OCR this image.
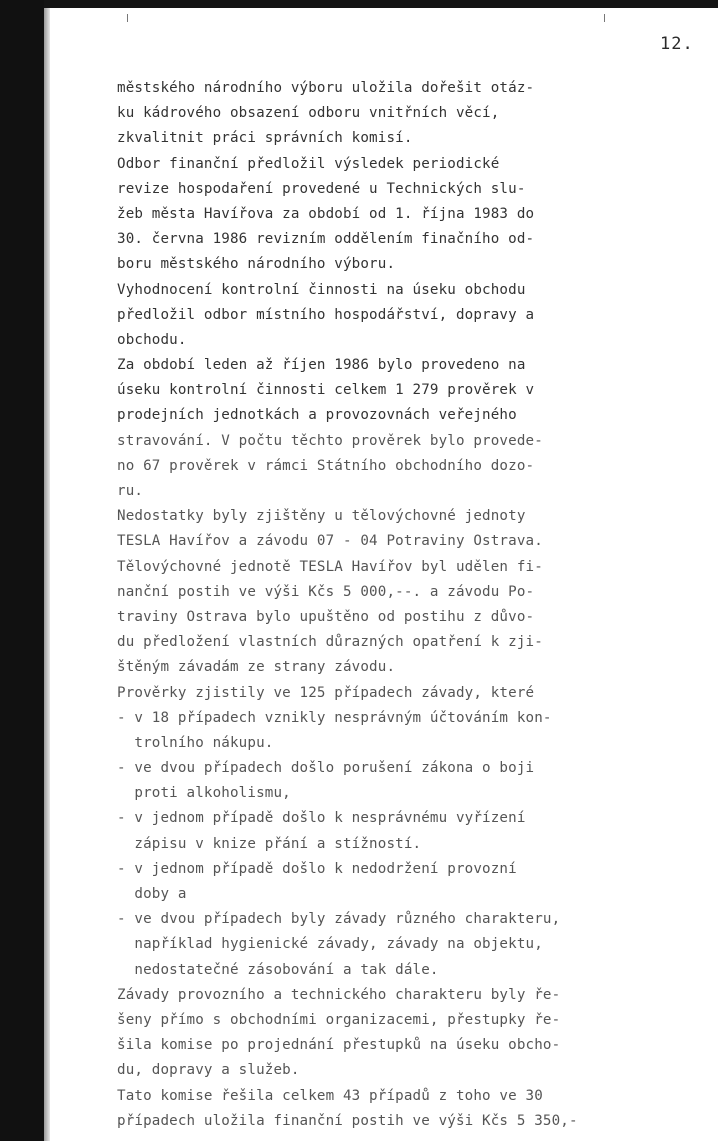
12.
městského národního výboru uložila dořešit otáz-
ku kádrového obsazení odboru vnitřních věcí,
zkvalitnit práci správních komisí.
Odbor finanční předložil výsledek periodické
revize hospodaření provedené u Technických slu-
žeb města Havířova za období od 1. října 1983 do
30. června 1986 revizním oddělením finačního od-
boru městského národního výboru.
Vyhodnocení kontrolní činnosti na úseku obchodu
předložil odbor místního hospodářství, dopravy a
obchodu.
Za období leden až říjen 1986 bylo provedeno na
úseku kontrolní činnosti celkem 1 279 prověrek v
prodejních jednotkách a provozovnách veřejného
stravování. V počtu těchto prověrek bylo provede-
no 67 prověrek v rámci Státního obchodního dozo-
ru.
Nedostatky byly zjištěny u tělovýchovné jednoty
TESLA Havířov a závodu 07 - 04 Potraviny Ostrava.
Tělovýchovné jednotě TESLA Havířov byl udělen fi-
nanční postih ve výši Kčs 5 000,--. a závodu Po-
traviny Ostrava bylo upuštěno od postihu z důvo-
du předložení vlastních důrazných opatření k zji-
štěným závadám ze strany závodu.
Prověrky zjistily ve 125 případech závady, které
- v 18 případech vznikly nesprávným účtováním kon-
trolního nákupu.
- ve dvou případech došlo porušení zákona o boji
proti alkoholismu,
- v jednom případě došlo k nesprávnému vyřízení
zápisu v knize přání a stížností.
- v jednom případě došlo k nedodržení provozní
doby a
- ve dvou případech byly závady různého charakteru,
například hygienické závady, závady na objektu,
nedostatečné zásobování a tak dále.
Závady provozního a technického charakteru byly ře-
šeny přímo s obchodními organizacemi, přestupky ře-
šila komise po projednání přestupků na úseku obcho-
du, dopravy a služeb.
Tato komise řešila celkem 43 případů z toho ve 30
případech uložila finanční postih ve výši Kčs 5 350,-
